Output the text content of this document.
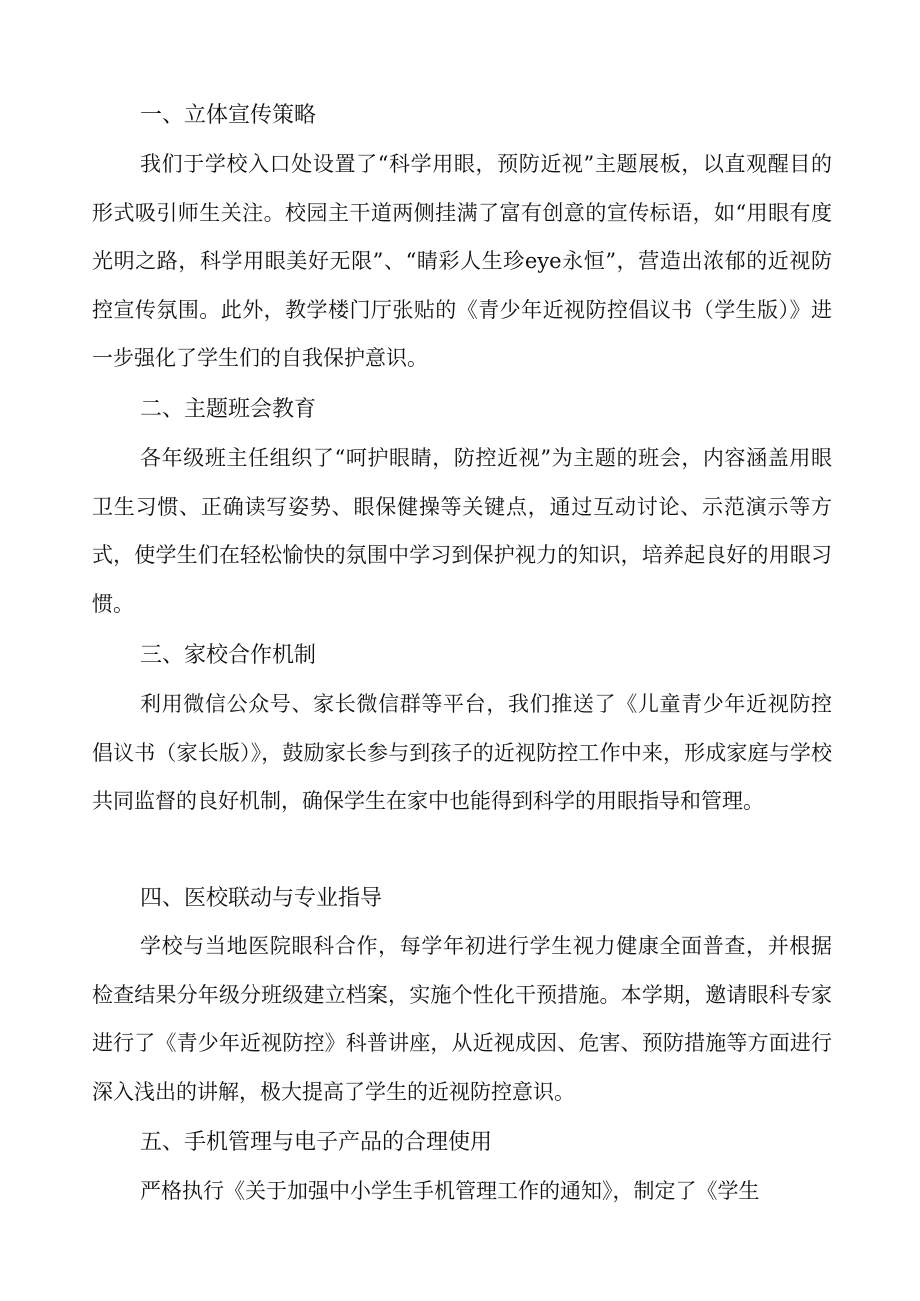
一、立体宣传策略
我们于学校入口处设置了“科学用眼，预防近视”主题展板，以直观醒目的形式吸引师生关注。校园主干道两侧挂满了富有创意的宣传标语，如“用眼有度光明之路，科学用眼美好无限”、“睛彩人生珍eye永恒”，营造出浓郁的近视防控宣传氛围。此外，教学楼门厅张贴的《青少年近视防控倡议书（学生版）》进一步强化了学生们的自我保护意识。
二、主题班会教育
各年级班主任组织了“呵护眼睛，防控近视”为主题的班会，内容涵盖用眼卫生习惯、正确读写姿势、眼保健操等关键点，通过互动讨论、示范演示等方式，使学生们在轻松愉快的氛围中学习到保护视力的知识，培养起良好的用眼习惯。
三、家校合作机制
利用微信公众号、家长微信群等平台，我们推送了《儿童青少年近视防控倡议书（家长版）》，鼓励家长参与到孩子的近视防控工作中来，形成家庭与学校共同监督的良好机制，确保学生在家中也能得到科学的用眼指导和管理。
四、医校联动与专业指导
学校与当地医院眼科合作，每学年初进行学生视力健康全面普查，并根据检查结果分年级分班级建立档案，实施个性化干预措施。本学期，邀请眼科专家进行了《青少年近视防控》科普讲座，从近视成因、危害、预防措施等方面进行深入浅出的讲解，极大提高了学生的近视防控意识。
五、手机管理与电子产品的合理使用
严格执行《关于加强中小学生手机管理工作的通知》，制定了《学生
